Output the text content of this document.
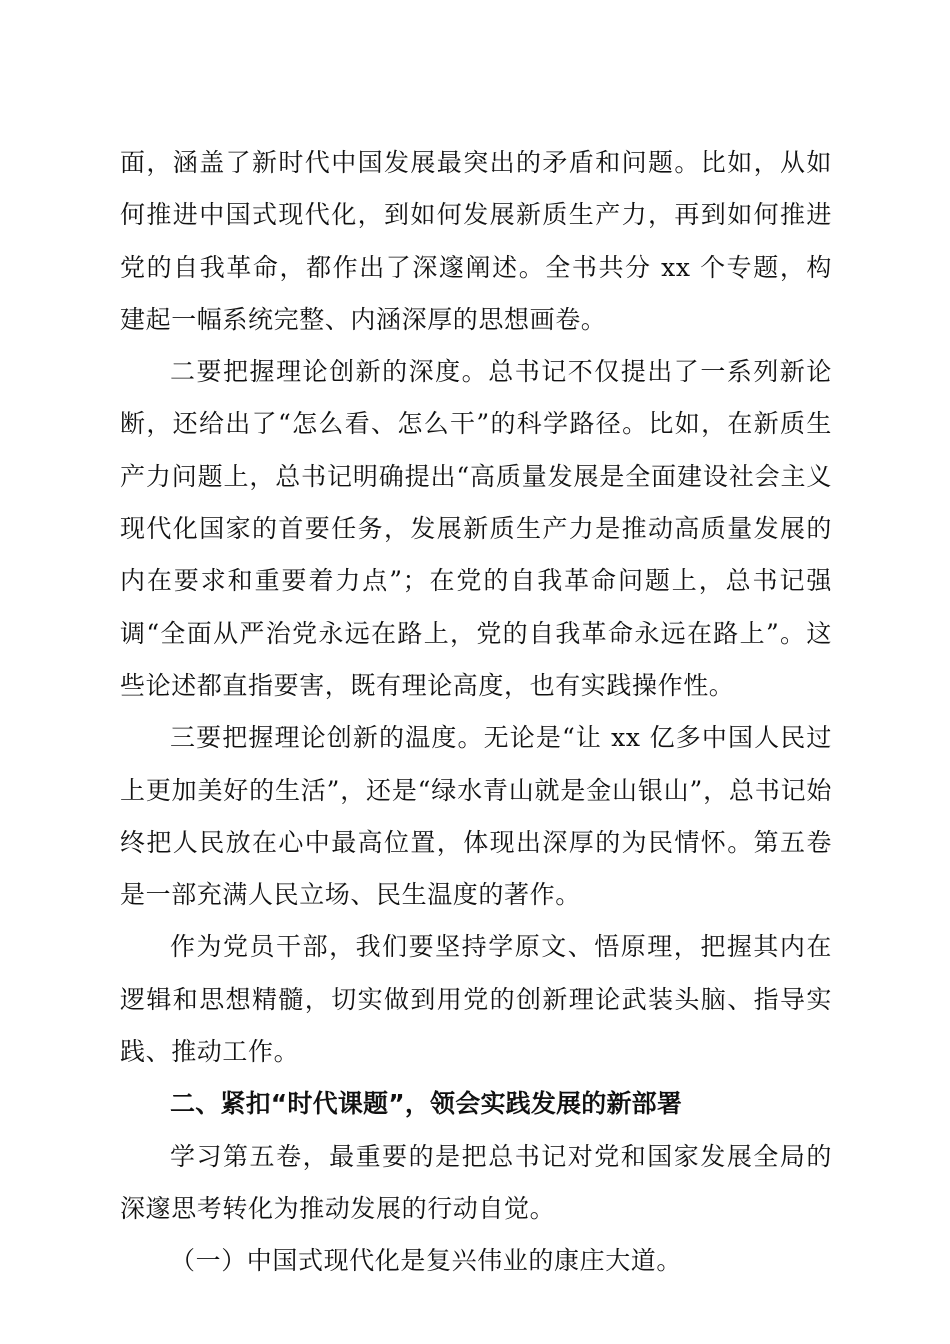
面，涵盖了新时代中国发展最突出的矛盾和问题。比如，从如何推进中国式现代化，到如何发展新质生产力，再到如何推进党的自我革命，都作出了深邃阐述。全书共分 xx 个专题，构建起一幅系统完整、内涵深厚的思想画卷。

二要把握理论创新的深度。总书记不仅提出了一系列新论断，还给出了“怎么看、怎么干”的科学路径。比如，在新质生产力问题上，总书记明确提出“高质量发展是全面建设社会主义现代化国家的首要任务，发展新质生产力是推动高质量发展的内在要求和重要着力点”；在党的自我革命问题上，总书记强调“全面从严治党永远在路上，党的自我革命永远在路上”。这些论述都直指要害，既有理论高度，也有实践操作性。

三要把握理论创新的温度。无论是“让 xx 亿多中国人民过上更加美好的生活”，还是“绿水青山就是金山银山”，总书记始终把人民放在心中最高位置，体现出深厚的为民情怀。第五卷是一部充满人民立场、民生温度的著作。

作为党员干部，我们要坚持学原文、悟原理，把握其内在逻辑和思想精髓，切实做到用党的创新理论武装头脑、指导实践、推动工作。

二、紧扣“时代课题”，领会实践发展的新部署

学习第五卷，最重要的是把总书记对党和国家发展全局的深邃思考转化为推动发展的行动自觉。

（一）中国式现代化是复兴伟业的康庄大道。
